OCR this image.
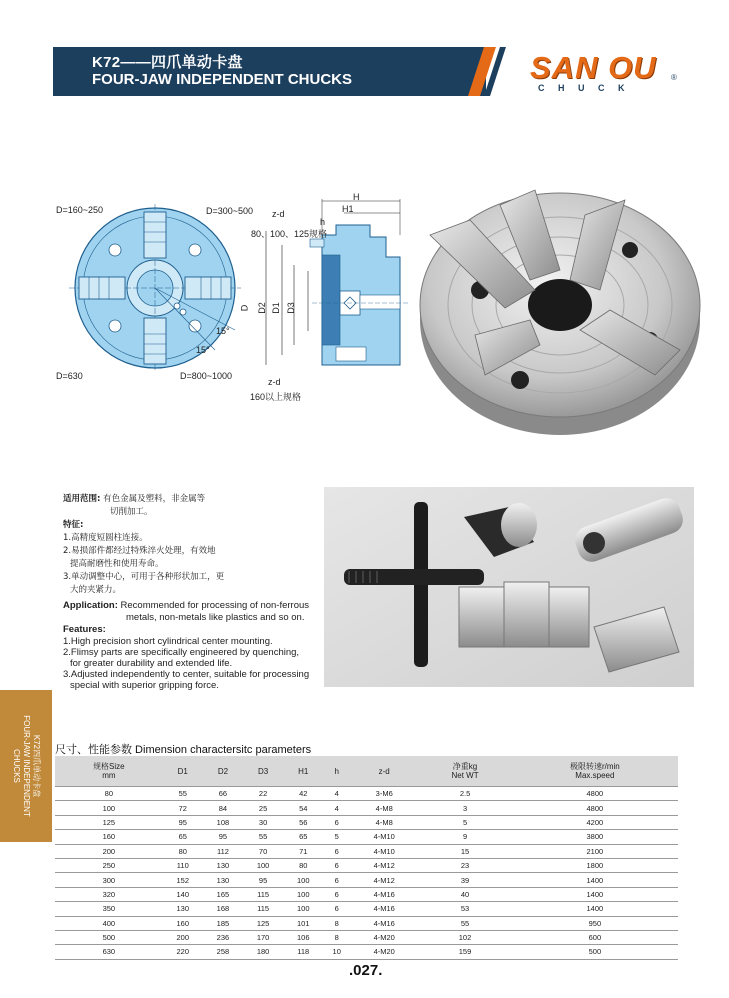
K72——四爪单动卡盘
FOUR-JAW INDEPENDENT CHUCKS	SAN OU
CHUCK
®
K72四爪单动卡盘
FOUR-JAW INDEPENDENT
CHUCKS
D=160~250	D=300~500
D=630	D=800~1000
15°
15°
H
H1
h
z-d
80、100、125规格
z-d
160以上规格
D D2 D1 D3
适用范围: 有色金属及塑料，非金属等
切削加工。
特征:
1.高精度短圆柱连接。
2.易损部件都经过特殊淬火处理，有效地
提高耐磨性和使用寿命。
3.单动调整中心，可用于各种形状加工，更
大的夹紧力。
Application: Recommended for processing of non-ferrous
metals, non-metals like plastics and so on.
Features:
1.High precision short cylindrical center mounting.
2.Flimsy parts are specifically engineered by quenching,
for greater durability and extended life.
3.Adjusted independently to center, suitable for processing
special with superior gripping force.
尺寸、性能参数 Dimension charactersitc parameters
规格Size
mm	D1	D2	D3	H1	h	z-d	净重kg
Net WT	极限转速r/min
Max.speed
80	55	66	22	42	4	3-M6	2.5	4800
100	72	84	25	54	4	4-M8	3	4800
125	95	108	30	56	6	4-M8	5	4200
160	65	95	55	65	5	4-M10	9	3800
200	80	112	70	71	6	4-M10	15	2100
250	110	130	100	80	6	4-M12	23	1800
300	152	130	95	100	6	4-M12	39	1400
320	140	165	115	100	6	4-M16	40	1400
350	130	168	115	100	6	4-M16	53	1400
400	160	185	125	101	8	4-M16	55	950
500	200	236	170	106	8	4-M20	102	600
630	220	258	180	118	10	4-M20	159	500
.027.
